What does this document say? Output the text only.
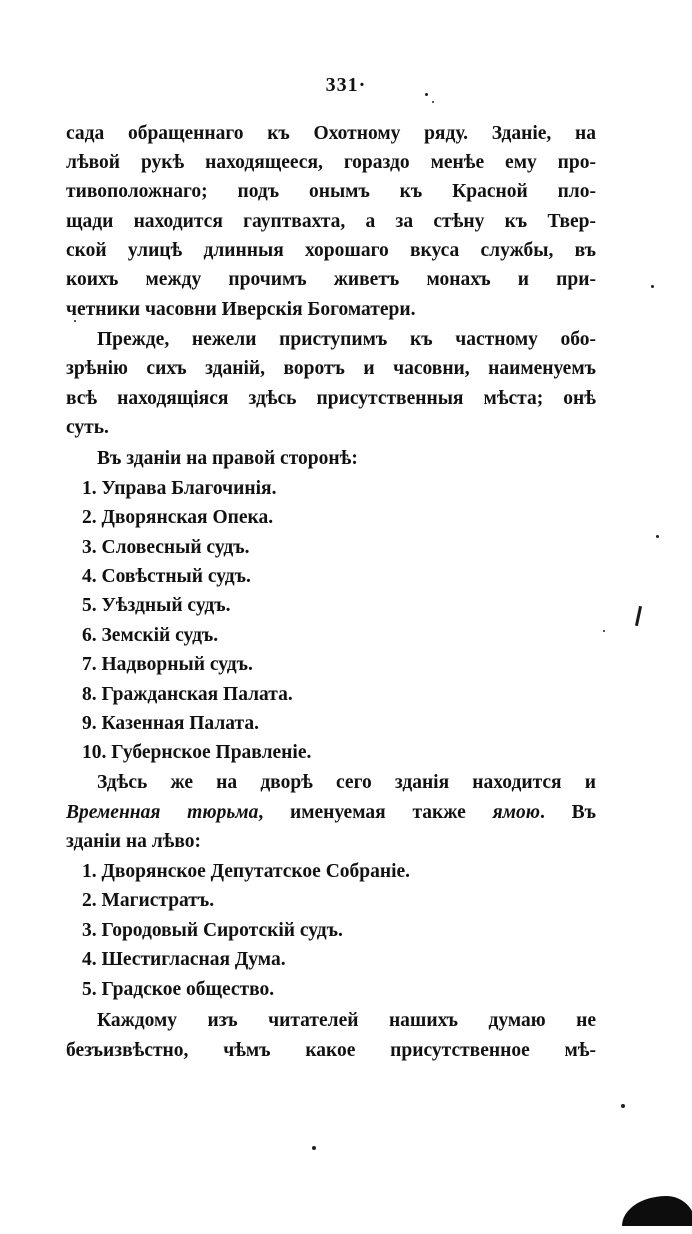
331·
сада обращеннаго къ Охотному ряду. Зданiе, на
лѣвой рукѣ находящееся, гораздо менѣе ему про-
тивоположнаго; подъ онымъ къ Красной пло-
щади находится гауптвахта, а за стѣну къ Твер-
ской улицѣ длинныя хорошаго вкуса службы, въ
коихъ между прочимъ живетъ монахъ и при-
четники часовни Иверскiя Богоматери.
Прежде, нежели приступимъ къ частному обо-
зрѣнiю сихъ зданiй, воротъ и часовни, наименуемъ
всѣ находящiяся здѣсь присутственныя мѣста; онѣ
суть.
Въ зданiи на правой сторонѣ:
1. Управа Благочинiя.
2. Дворянская Опека.
3. Словесный судъ.
4. Совѣстный судъ.
5. Уѣздный судъ.
6. Земскiй судъ.
7. Надворный судъ.
8. Гражданская Палата.
9. Казенная Палата.
10. Губернское Правленiе.
Здѣсь же на дворѣ сего зданiя находится и
Временная тюрьма, именуемая также ямою. Въ
зданiи на лѣво:
1. Дворянское Депутатское Собранiе.
2. Магистратъ.
3. Городовый Сиротскiй судъ.
4. Шестигласная Дума.
5. Градское общество.
Каждому изъ читателей нашихъ думаю не
безъизвѣстно, чѣмъ какое присутственное мѣ-
